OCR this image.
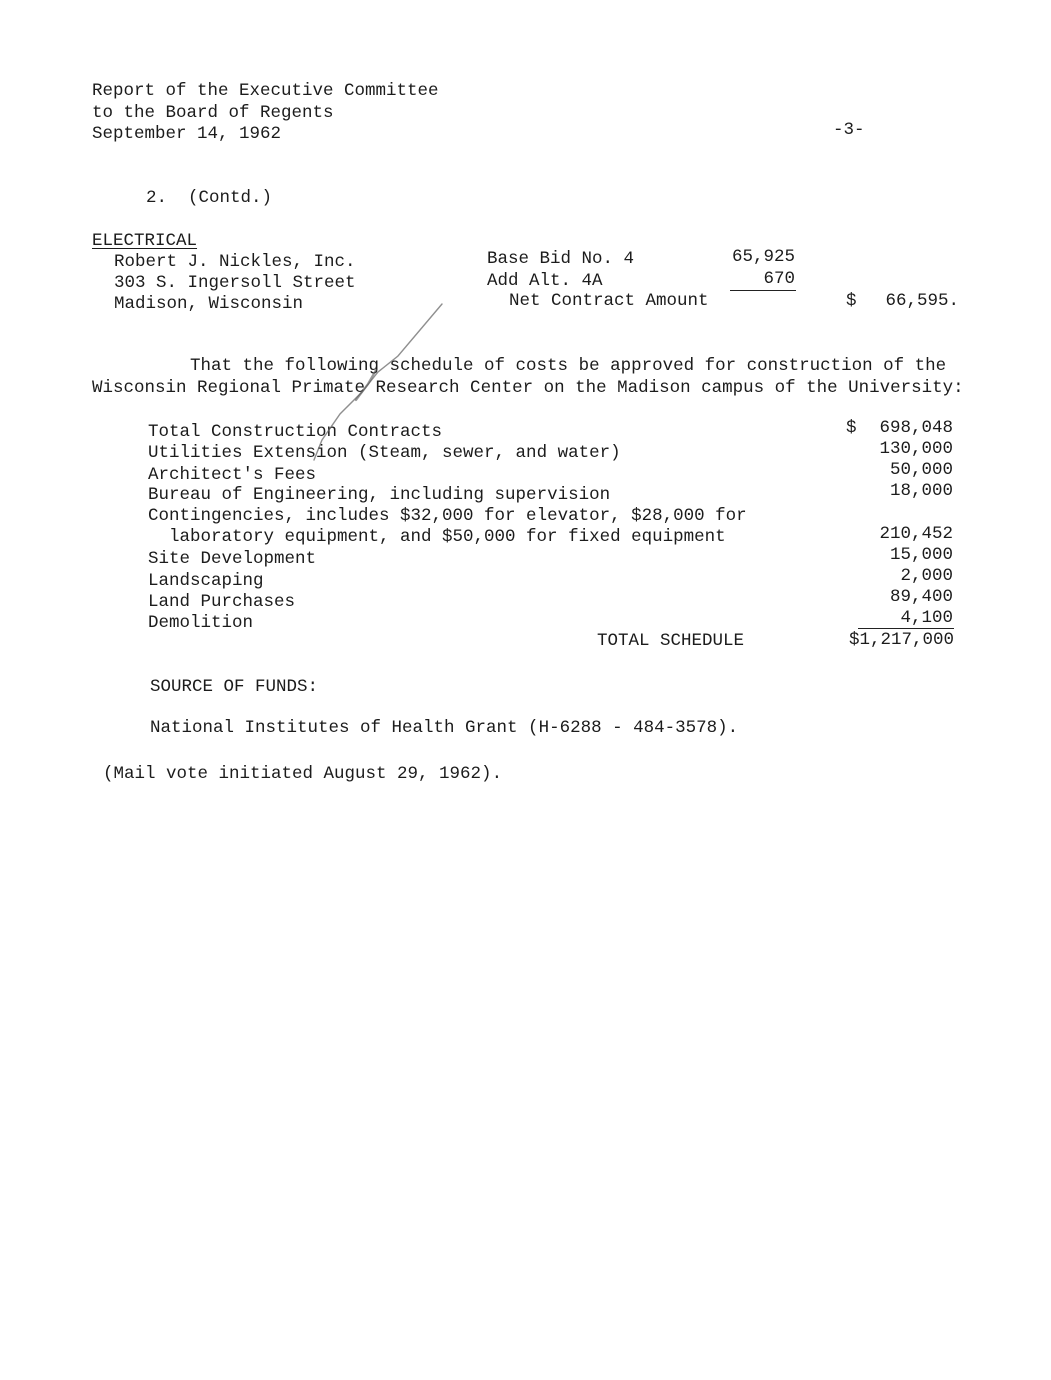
Report of the Executive Committee
to the Board of Regents
September 14, 1962	-3-
2.  (Contd.)
ELECTRICAL
Robert J. Nickles, Inc.
303 S. Ingersoll Street
Madison, Wisconsin
Base Bid No. 4	65,925
Add Alt. 4A	670
Net Contract Amount	$	66,595.
That the following schedule of costs be approved for construction of the
Wisconsin Regional Primate Research Center on the Madison campus of the University:
Total Construction Contracts	$	698,048
Utilities Extension (Steam, sewer, and water)	130,000
Architect's Fees	50,000
Bureau of Engineering, including supervision	18,000
Contingencies, includes $32,000 for elevator, $28,000 for
laboratory equipment, and $50,000 for fixed equipment	210,452
Site Development	15,000
Landscaping	2,000
Land Purchases	89,400
Demolition	4,100
TOTAL SCHEDULE	$1,217,000
SOURCE OF FUNDS:
National Institutes of Health Grant (H-6288 - 484-3578).
(Mail vote initiated August 29, 1962).
